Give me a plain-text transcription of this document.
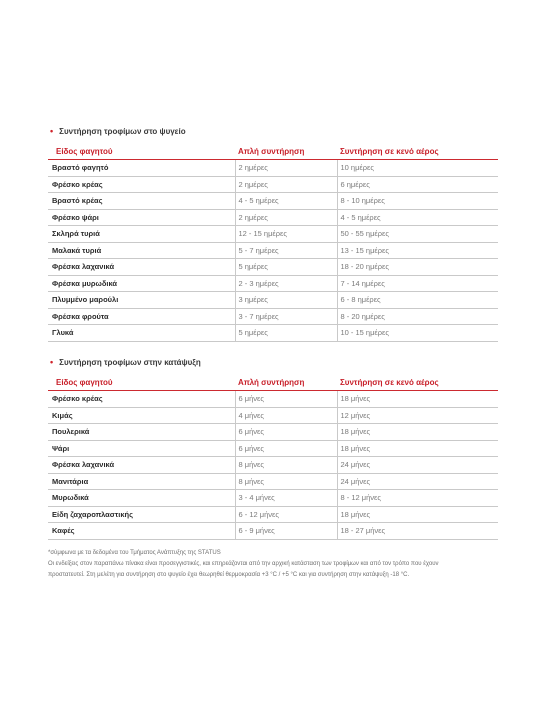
• Συντήρηση τροφίμων στο ψυγείο
Είδος φαγητού	Απλή συντήρηση	Συντήρηση σε κενό αέρος
Βραστό φαγητό	2 ημέρες	10 ημέρες
Φρέσκο κρέας	2 ημέρες	6 ημέρες
Βραστό κρέας	4 - 5 ημέρες	8 - 10 ημέρες
Φρέσκο ψάρι	2 ημέρες	4 - 5 ημέρες
Σκληρά τυριά	12 - 15 ημέρες	50 - 55 ημέρες
Μαλακά τυριά	5 - 7 ημέρες	13 - 15 ημέρες
Φρέσκα λαχανικά	5 ημέρες	18 - 20 ημέρες
Φρέσκα μυρωδικά	2 - 3 ημέρες	7 - 14 ημέρες
Πλυμμένο μαρούλι	3 ημέρες	6 - 8 ημέρες
Φρέσκα φρούτα	3 - 7 ημέρες	8 - 20 ημέρες
Γλυκά	5 ημέρες	10 - 15 ημέρες
• Συντήρηση τροφίμων στην κατάψυξη
Είδος φαγητού	Απλή συντήρηση	Συντήρηση σε κενό αέρος
Φρέσκο κρέας	6 μήνες	18 μήνες
Κιμάς	4 μήνες	12 μήνες
Πουλερικά	6 μήνες	18 μήνες
Ψάρι	6 μήνες	18 μήνες
Φρέσκα λαχανικά	8 μήνες	24 μήνες
Μανιτάρια	8 μήνες	24 μήνες
Μυρωδικά	3 - 4 μήνες	8 - 12 μήνες
Είδη ζαχαροπλαστικής	6 - 12 μήνες	18 μήνες
Καφές	6 - 9 μήνες	18 - 27 μήνες

*σύμφωνα με τα δεδομένα του Τμήματος Ανάπτυξης της STATUS

Οι ενδείξεις στον παραπάνω πίνακα είναι προσεγγιστικές, και επηρεάζονται από την αρχική κατάσταση των τροφίμων και από τον τρόπο που έχουν

προστατευτεί. Στη μελέτη για συντήρηση στο ψυγείο έχει θεωρηθεί θερμοκρασία +3 °C / +5 °C και για συντήρηση στην κατάψυξη -18 °C.
